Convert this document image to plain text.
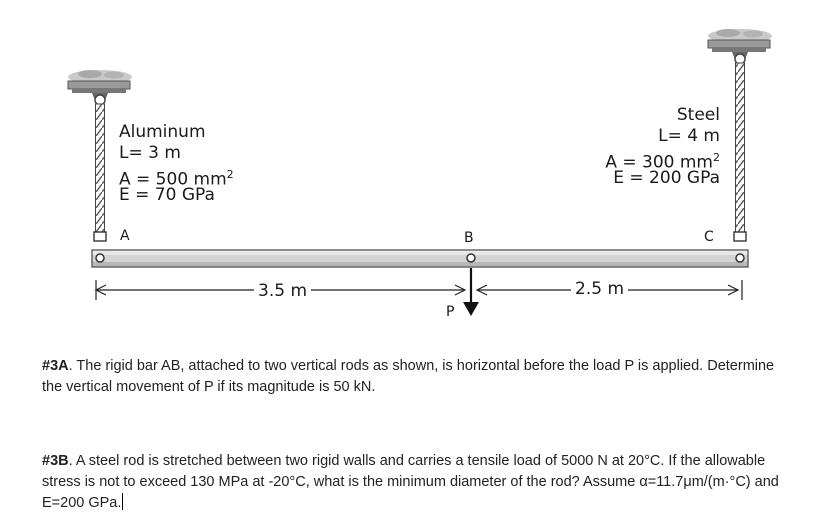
Aluminum
L= 3 m
A = 500 $mm^2$
E = 70 GPa
Steel
L= 4 m
A = 300 $mm^2$
E = 200 GPa
A	B	C
P
3.5 m	2.5 m
#3A. The rigid bar AB, attached to two vertical rods as shown, is horizontal before the load P is applied. Determine the vertical movement of P if its magnitude is 50 kN.
#3B. A steel rod is stretched between two rigid walls and carries a tensile load of 5000 N at 20°C. If the allowable stress is not to exceed 130 MPa at -20°C, what is the minimum diameter of the rod? Assume α=11.7μm/(m·°C) and E=200 GPa.
